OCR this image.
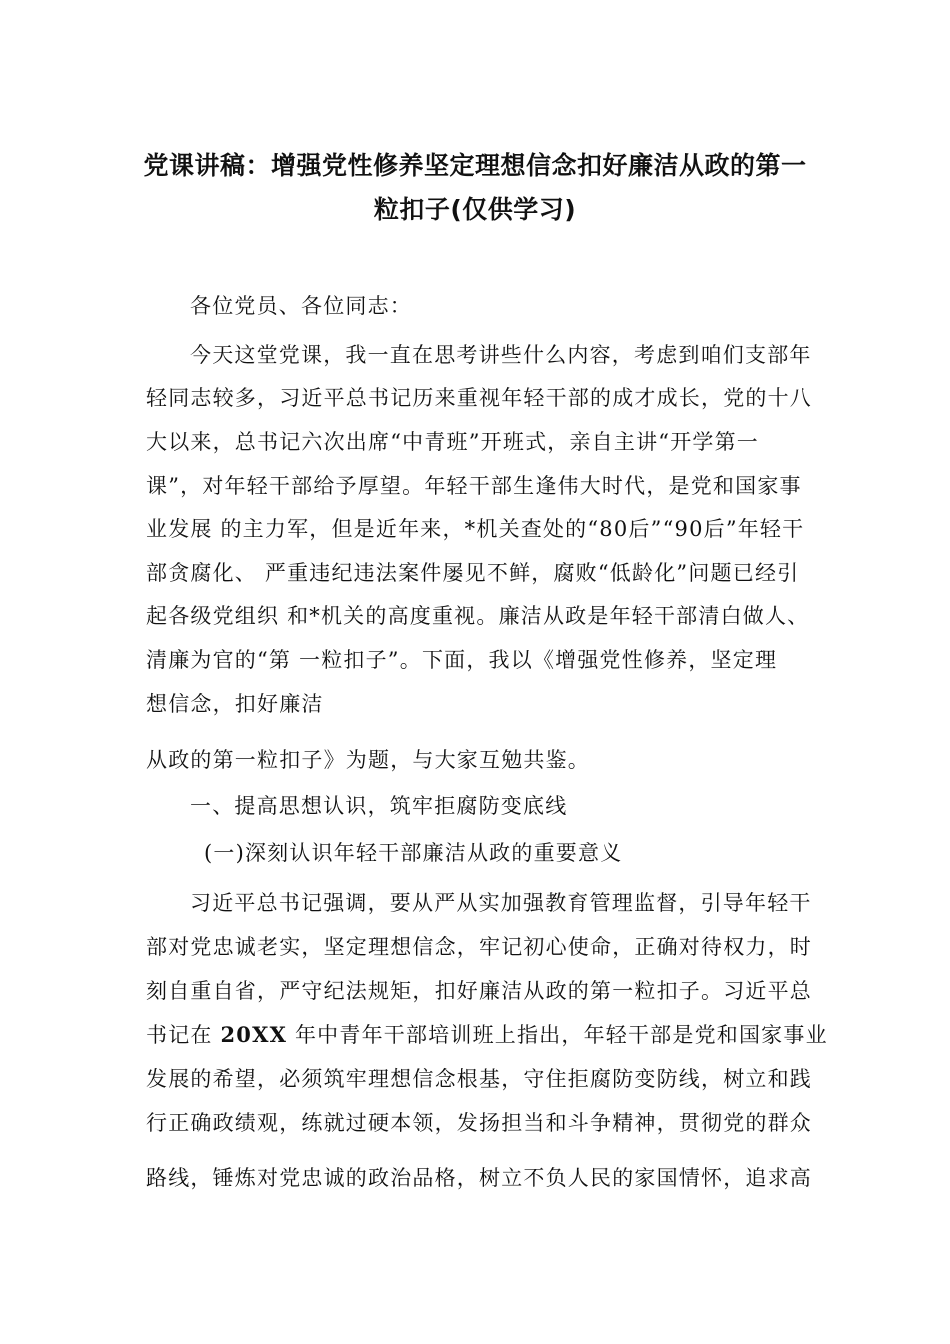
党课讲稿：增强党性修养坚定理想信念扣好廉洁从政的第一
粒扣子(仅供学习)
各位党员、各位同志：
今天这堂党课，我一直在思考讲些什么内容，考虑到咱们支部年
轻同志较多，习近平总书记历来重视年轻干部的成才成长，党的十八
大以来，总书记六次出席“中青班”开班式，亲自主讲“开学第一
课”，对年轻干部给予厚望。年轻干部生逢伟大时代，是党和国家事
业发展 的主力军，但是近年来，*机关查处的“80后”“90后”年轻干
部贪腐化、 严重违纪违法案件屡见不鲜，腐败“低龄化”问题已经引
起各级党组织 和*机关的高度重视。廉洁从政是年轻干部清白做人、
清廉为官的“第 一粒扣子”。下面，我以《增强党性修养，坚定理
想信念，扣好廉洁
从政的第一粒扣子》为题，与大家互勉共鉴。
一、提高思想认识，筑牢拒腐防变底线
(一)深刻认识年轻干部廉洁从政的重要意义
习近平总书记强调，要从严从实加强教育管理监督，引导年轻干
部对党忠诚老实，坚定理想信念，牢记初心使命，正确对待权力，时
刻自重自省，严守纪法规矩，扣好廉洁从政的第一粒扣子。习近平总
书记在 20XX 年中青年干部培训班上指出，年轻干部是党和国家事业
发展的希望，必须筑牢理想信念根基，守住拒腐防变防线，树立和践
行正确政绩观，练就过硬本领，发扬担当和斗争精神，贯彻党的群众
路线，锤炼对党忠诚的政治品格，树立不负人民的家国情怀，追求高
